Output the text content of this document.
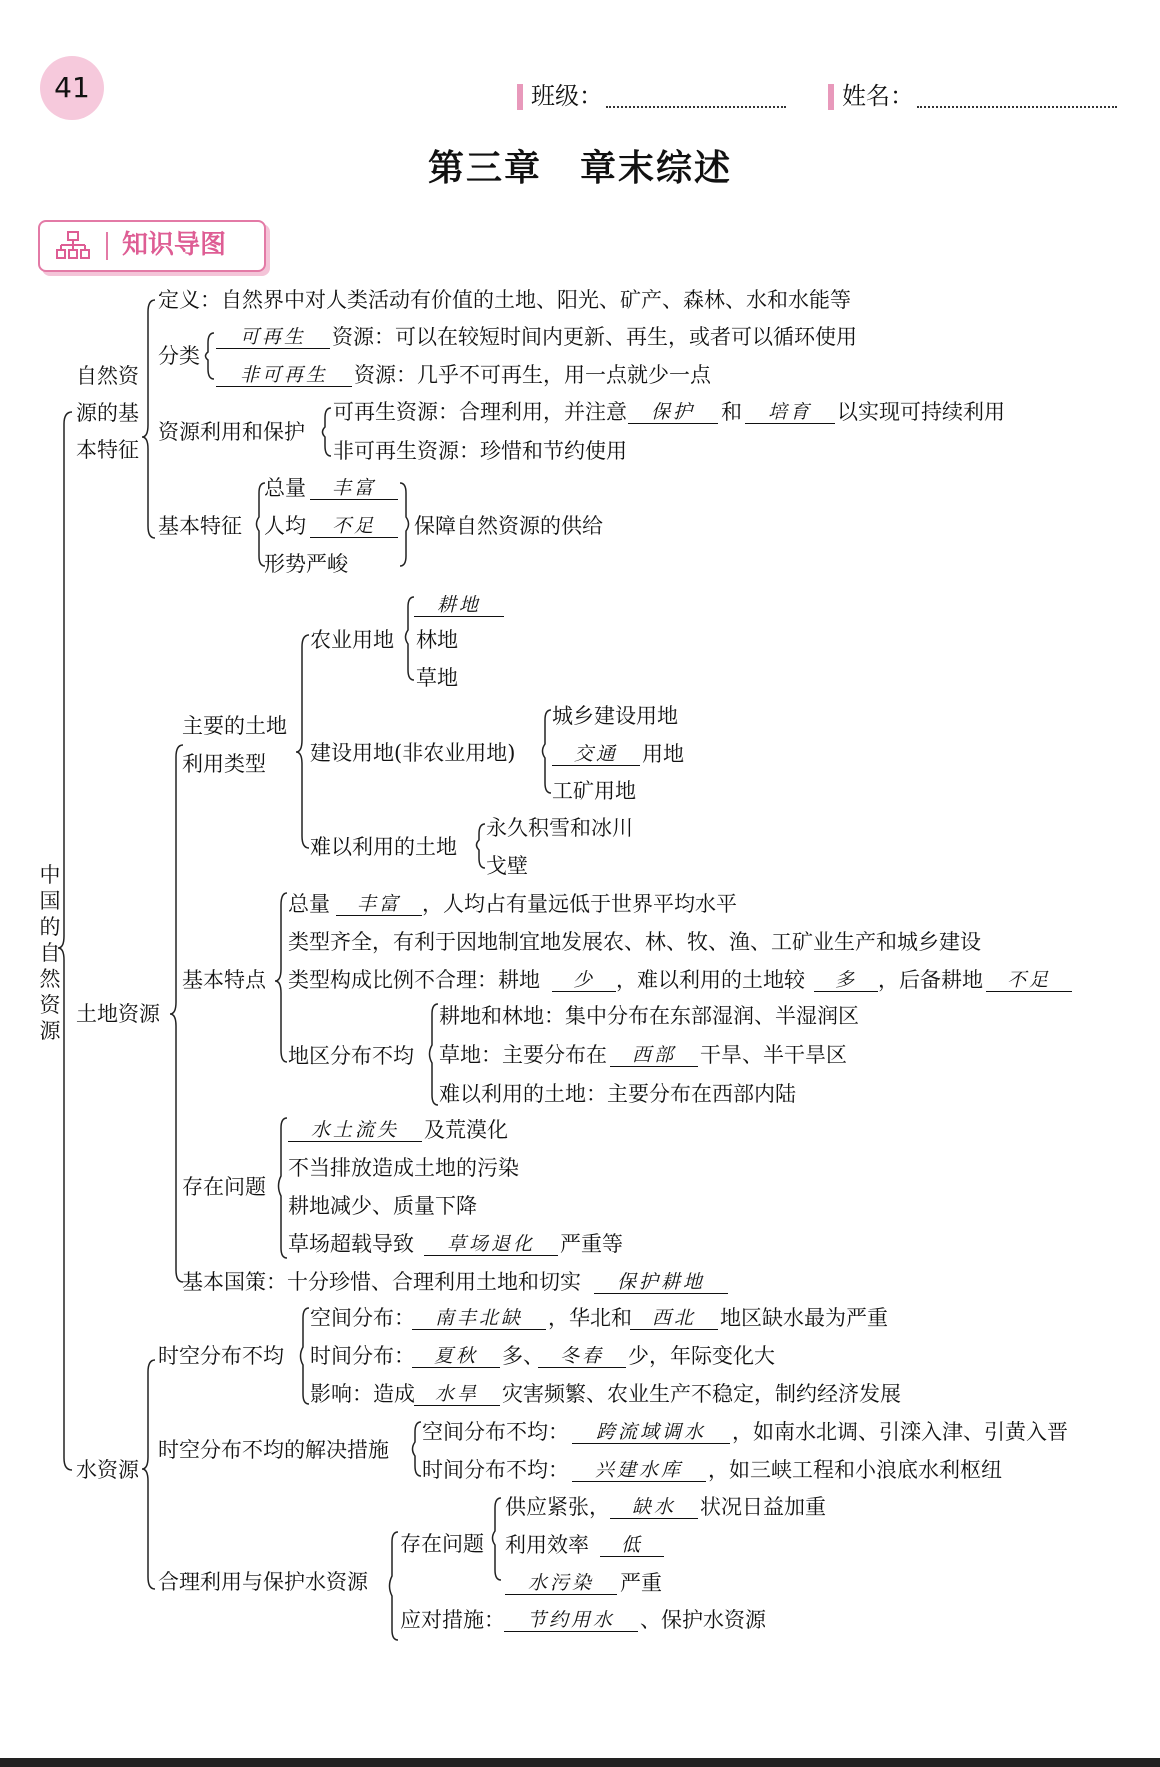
41	班级：	姓名：
第三章　章末综述
知识导图
中国的自然资源
自然资
源的基
本特征
定义：自然界中对人类活动有价值的土地、阳光、矿产、森林、水和水能等
分类
可再生	资源：可以在较短时间内更新、再生，或者可以循环使用
非可再生	资源：几乎不可再生，用一点就少一点
资源利用和保护
可再生资源：合理利用，并注意	保护	和	培育	以实现可持续利用
非可再生资源：珍惜和节约使用
基本特征
总量	丰富
人均	不足
形势严峻
保障自然资源的供给
土地资源
主要的土地
利用类型
农业用地
耕地
林地
草地
建设用地(非农业用地)
城乡建设用地
交通	用地
工矿用地
难以利用的土地
永久积雪和冰川
戈壁
基本特点
总量	丰富	，人均占有量远低于世界平均水平
类型齐全，有利于因地制宜地发展农、林、牧、渔、工矿业生产和城乡建设
类型构成比例不合理：耕地	少	，难以利用的土地较	多	，后备耕地	不足
地区分布不均
耕地和林地：集中分布在东部湿润、半湿润区
草地：主要分布在	西部	干旱、半干旱区
难以利用的土地：主要分布在西部内陆
存在问题
水土流失	及荒漠化
不当排放造成土地的污染
耕地减少、质量下降
草场超载导致	草场退化	严重等
基本国策：十分珍惜、合理利用土地和切实	保护耕地
水资源
时空分布不均
空间分布：	南丰北缺	，华北和	西北	地区缺水最为严重
时间分布： 夏秋	多、 冬春	少，年际变化大
影响：造成	水旱	灾害频繁、农业生产不稳定，制约经济发展
时空分布不均的解决措施
空间分布不均：	跨流域调水	，如南水北调、引滦入津、引黄入晋
时间分布不均：	兴建水库	，如三峡工程和小浪底水利枢纽
合理利用与保护水资源
存在问题
供应紧张，	缺水	状况日益加重
利用效率	低
水污染	严重
应对措施：	节约用水	、保护水资源
